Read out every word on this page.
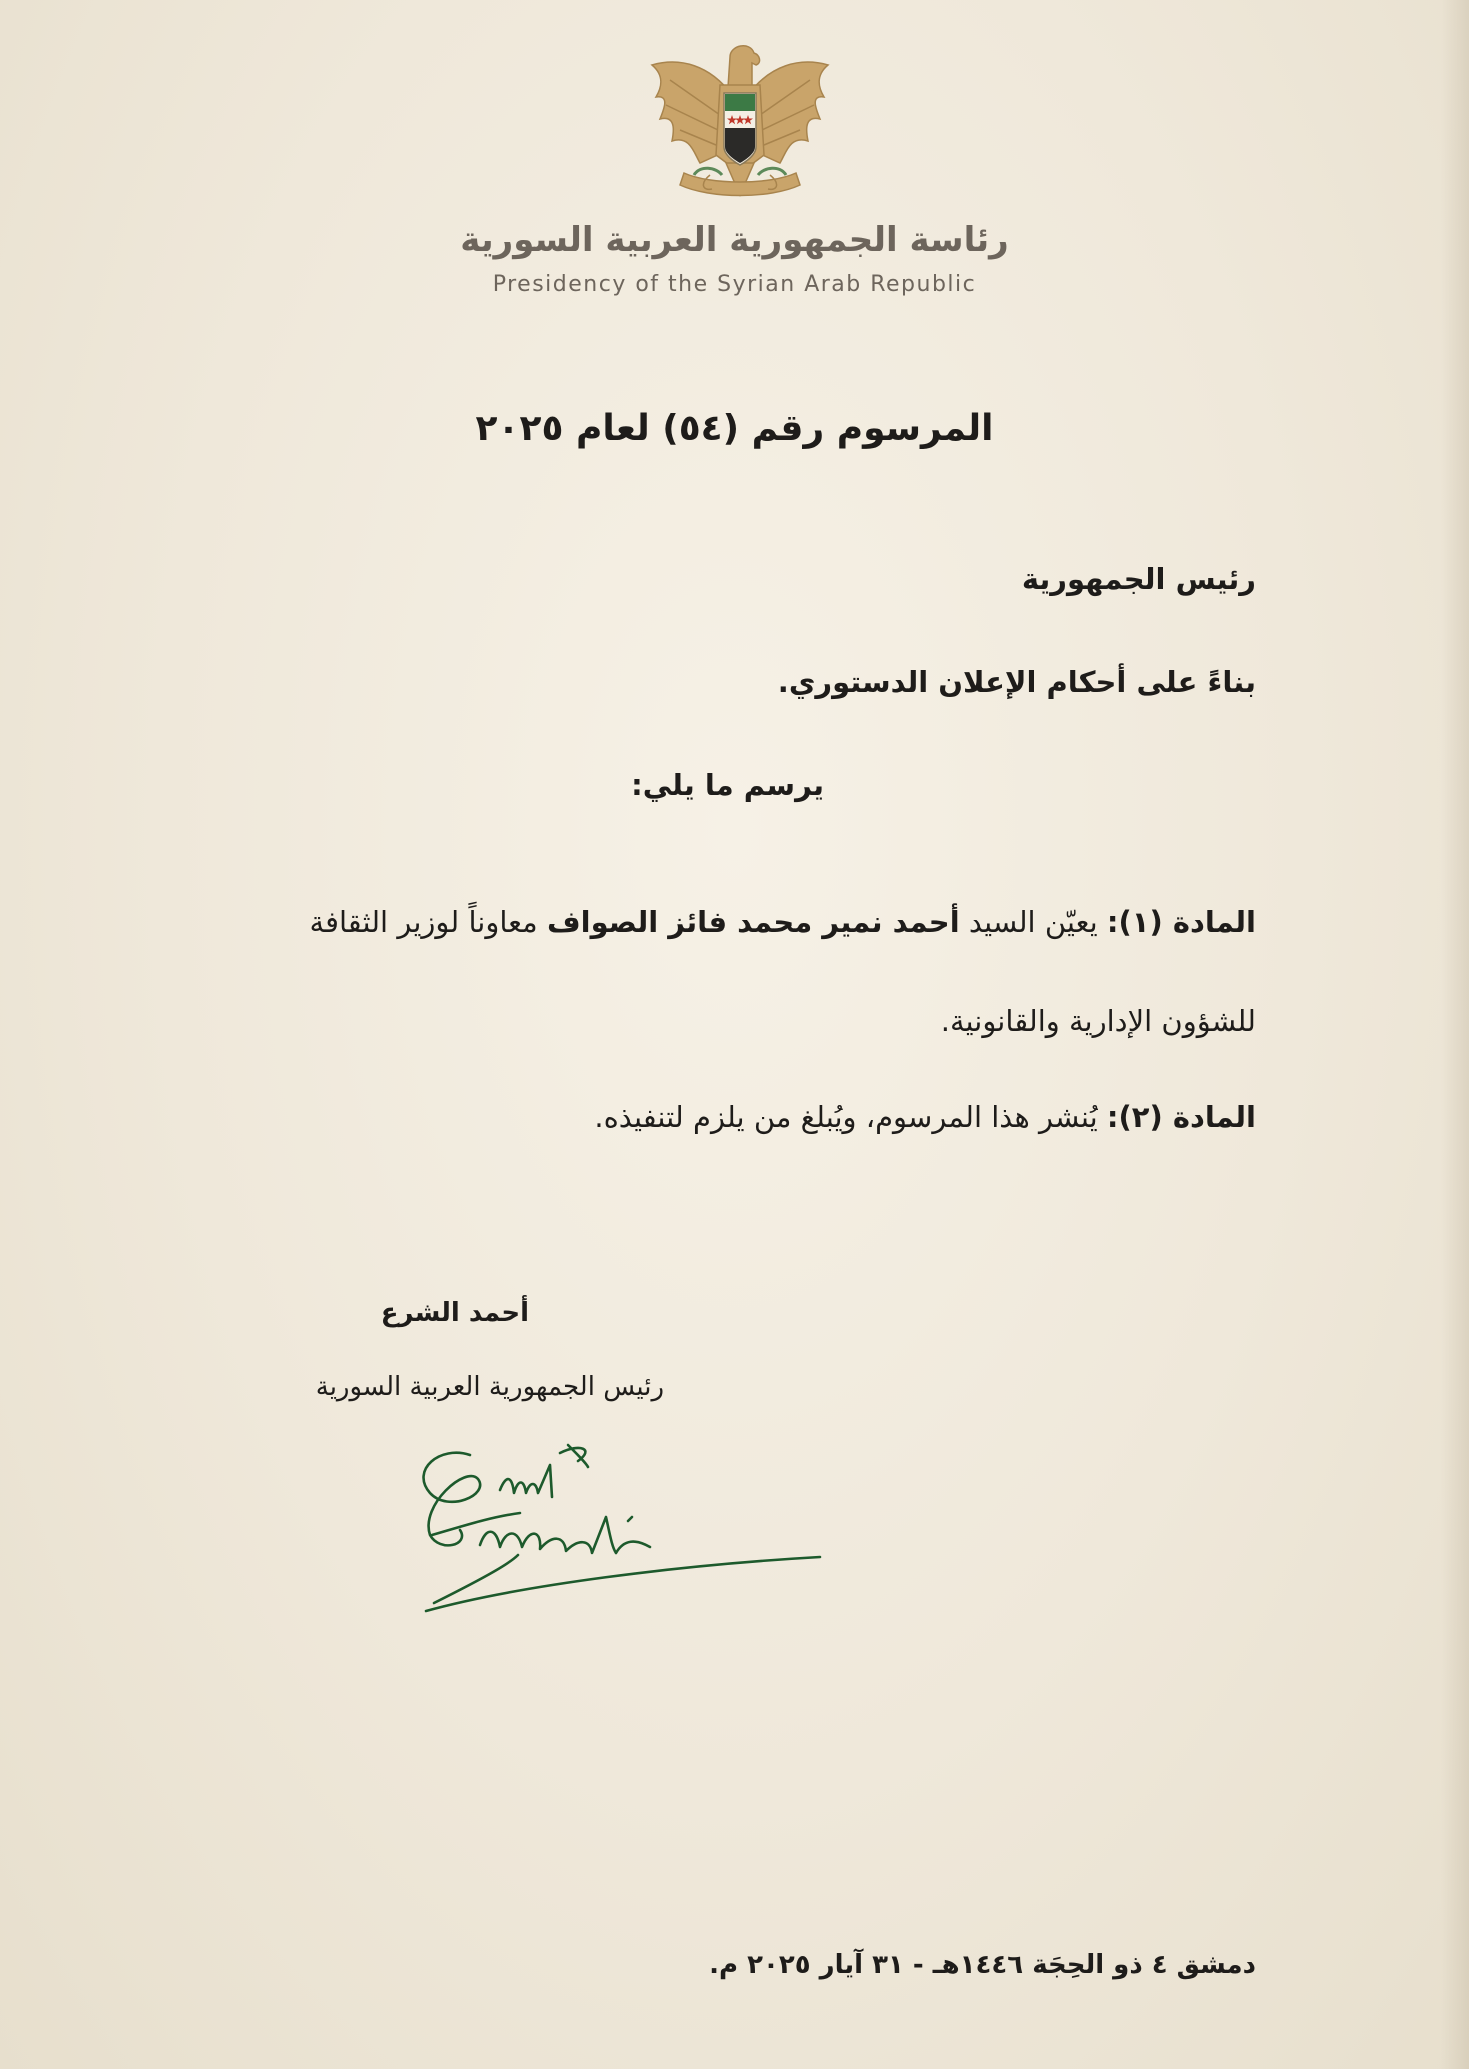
رئاسة الجمهورية العربية السورية
Presidency of the Syrian Arab Republic
المرسوم رقم (٥٤) لعام ٢٠٢٥
رئيس الجمهورية
بناءً على أحكام الإعلان الدستوري.
يرسم ما يلي:
المادة (١): يعيّن السيد أحمد نمير محمد فائز الصواف معاوناً لوزير الثقافة
للشؤون الإدارية والقانونية.
المادة (٢): يُنشر هذا المرسوم، ويُبلغ من يلزم لتنفيذه.
أحمد الشرع
رئيس الجمهورية العربية السورية
دمشق ٤ ذو الحِجَة ١٤٤٦هـ - ٣١ آيار ٢٠٢٥ م.
